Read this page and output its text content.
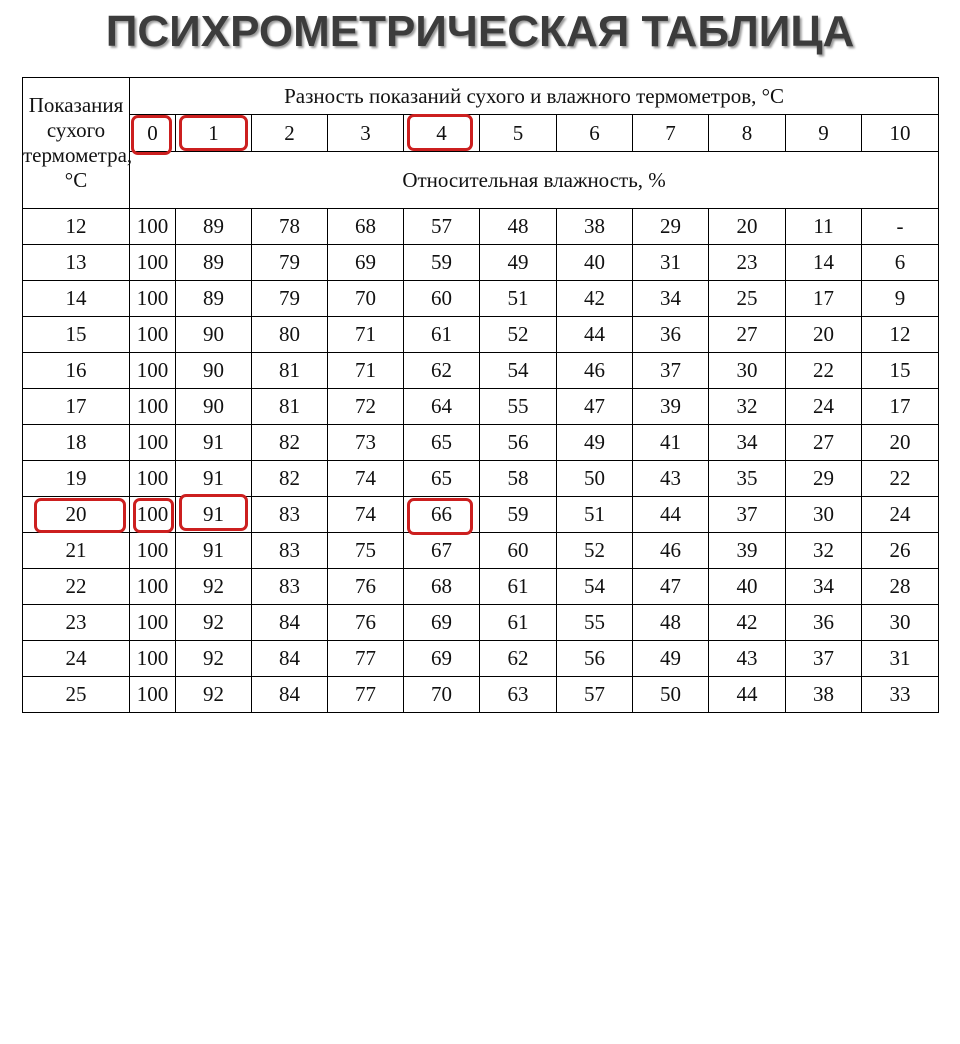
ПСИХРОМЕТРИЧЕСКАЯ ТАБЛИЦА
Показания
сухого
термометра,
°С	Разность показаний сухого и влажного термометров, °С										
	0	1	2	3	4	5	6	7	8	9	10
	Относительная влажность, %										
12	100	89	78	68	57	48	38	29	20	11	-
13	100	89	79	69	59	49	40	31	23	14	6
14	100	89	79	70	60	51	42	34	25	17	9
15	100	90	80	71	61	52	44	36	27	20	12
16	100	90	81	71	62	54	46	37	30	22	15
17	100	90	81	72	64	55	47	39	32	24	17
18	100	91	82	73	65	56	49	41	34	27	20
19	100	91	82	74	65	58	50	43	35	29	22
20	100	91	83	74	66	59	51	44	37	30	24
21	100	91	83	75	67	60	52	46	39	32	26
22	100	92	83	76	68	61	54	47	40	34	28
23	100	92	84	76	69	61	55	48	42	36	30
24	100	92	84	77	69	62	56	49	43	37	31
25	100	92	84	77	70	63	57	50	44	38	33
